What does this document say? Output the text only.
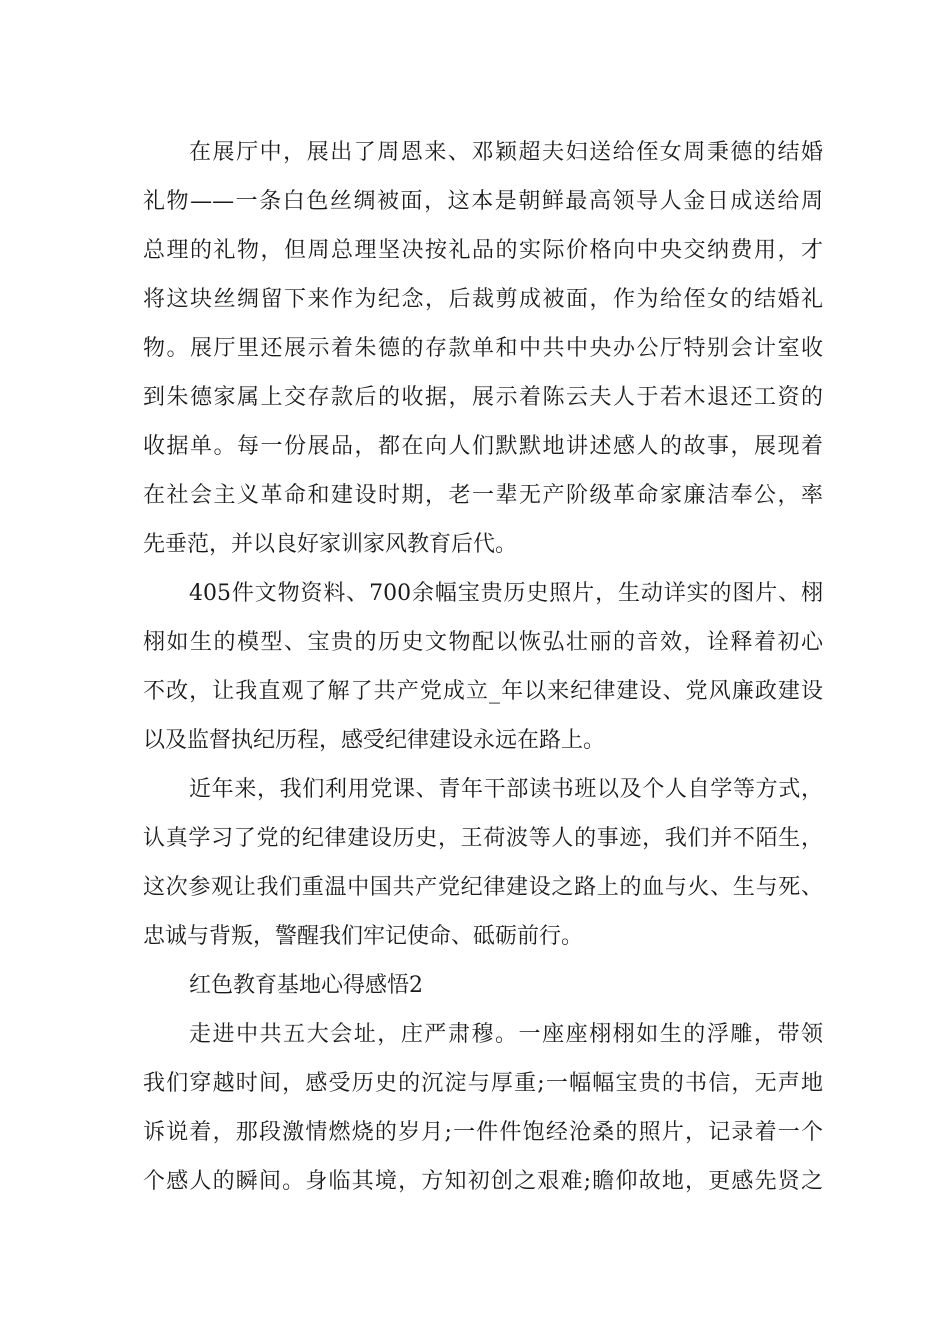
在展厅中，展出了周恩来、邓颖超夫妇送给侄女周秉德的结婚
礼物——一条白色丝绸被面，这本是朝鲜最高领导人金日成送给周
总理的礼物，但周总理坚决按礼品的实际价格向中央交纳费用，才
将这块丝绸留下来作为纪念，后裁剪成被面，作为给侄女的结婚礼
物。展厅里还展示着朱德的存款单和中共中央办公厅特别会计室收
到朱德家属上交存款后的收据，展示着陈云夫人于若木退还工资的
收据单。每一份展品，都在向人们默默地讲述感人的故事，展现着
在社会主义革命和建设时期，老一辈无产阶级革命家廉洁奉公，率
先垂范，并以良好家训家风教育后代。
405件文物资料、700余幅宝贵历史照片，生动详实的图片、栩
栩如生的模型、宝贵的历史文物配以恢弘壮丽的音效，诠释着初心
不改，让我直观了解了共产党成立_年以来纪律建设、党风廉政建设
以及监督执纪历程，感受纪律建设永远在路上。
近年来，我们利用党课、青年干部读书班以及个人自学等方式，
认真学习了党的纪律建设历史，王荷波等人的事迹，我们并不陌生，
这次参观让我们重温中国共产党纪律建设之路上的血与火、生与死、
忠诚与背叛，警醒我们牢记使命、砥砺前行。
红色教育基地心得感悟2
走进中共五大会址，庄严肃穆。一座座栩栩如生的浮雕，带领
我们穿越时间，感受历史的沉淀与厚重;一幅幅宝贵的书信，无声地
诉说着，那段激情燃烧的岁月;一件件饱经沧桑的照片，记录着一个
个感人的瞬间。身临其境，方知初创之艰难;瞻仰故地，更感先贤之
